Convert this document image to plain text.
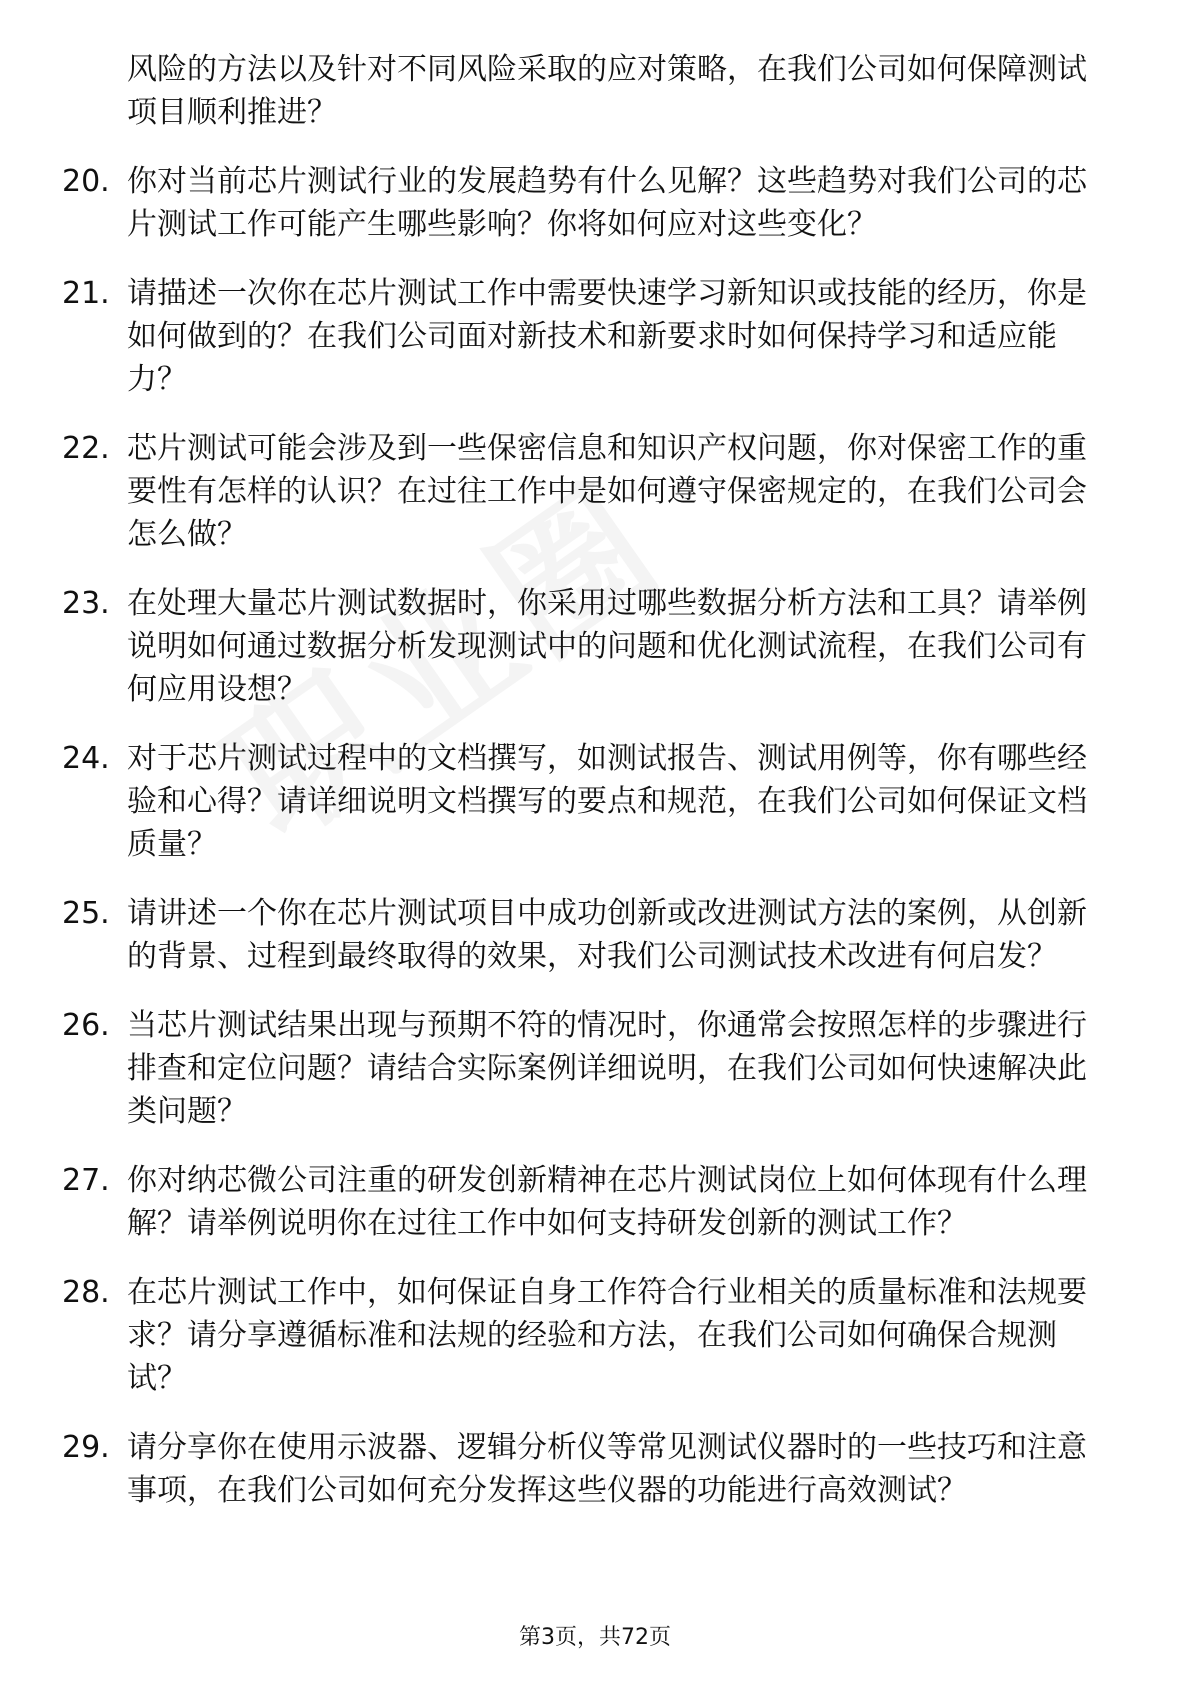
风险的方法以及针对不同风险采取的应对策略，在我们公司如何保障测试项目顺利推进？
20. 你对当前芯片测试行业的发展趋势有什么见解？这些趋势对我们公司的芯片测试工作可能产生哪些影响？你将如何应对这些变化？
21. 请描述一次你在芯片测试工作中需要快速学习新知识或技能的经历，你是如何做到的？在我们公司面对新技术和新要求时如何保持学习和适应能力？
22. 芯片测试可能会涉及到一些保密信息和知识产权问题，你对保密工作的重要性有怎样的认识？在过往工作中是如何遵守保密规定的，在我们公司会怎么做？
23. 在处理大量芯片测试数据时，你采用过哪些数据分析方法和工具？请举例说明如何通过数据分析发现测试中的问题和优化测试流程，在我们公司有何应用设想？
24. 对于芯片测试过程中的文档撰写，如测试报告、测试用例等，你有哪些经验和心得？请详细说明文档撰写的要点和规范，在我们公司如何保证文档质量？
25. 请讲述一个你在芯片测试项目中成功创新或改进测试方法的案例，从创新的背景、过程到最终取得的效果，对我们公司测试技术改进有何启发？
26. 当芯片测试结果出现与预期不符的情况时，你通常会按照怎样的步骤进行排查和定位问题？请结合实际案例详细说明，在我们公司如何快速解决此类问题？
27. 你对纳芯微公司注重的研发创新精神在芯片测试岗位上如何体现有什么理解？请举例说明你在过往工作中如何支持研发创新的测试工作？
28. 在芯片测试工作中，如何保证自身工作符合行业相关的质量标准和法规要求？请分享遵循标准和法规的经验和方法，在我们公司如何确保合规测试？
29. 请分享你在使用示波器、逻辑分析仪等常见测试仪器时的一些技巧和注意事项，在我们公司如何充分发挥这些仪器的功能进行高效测试？
第3页，共72页
